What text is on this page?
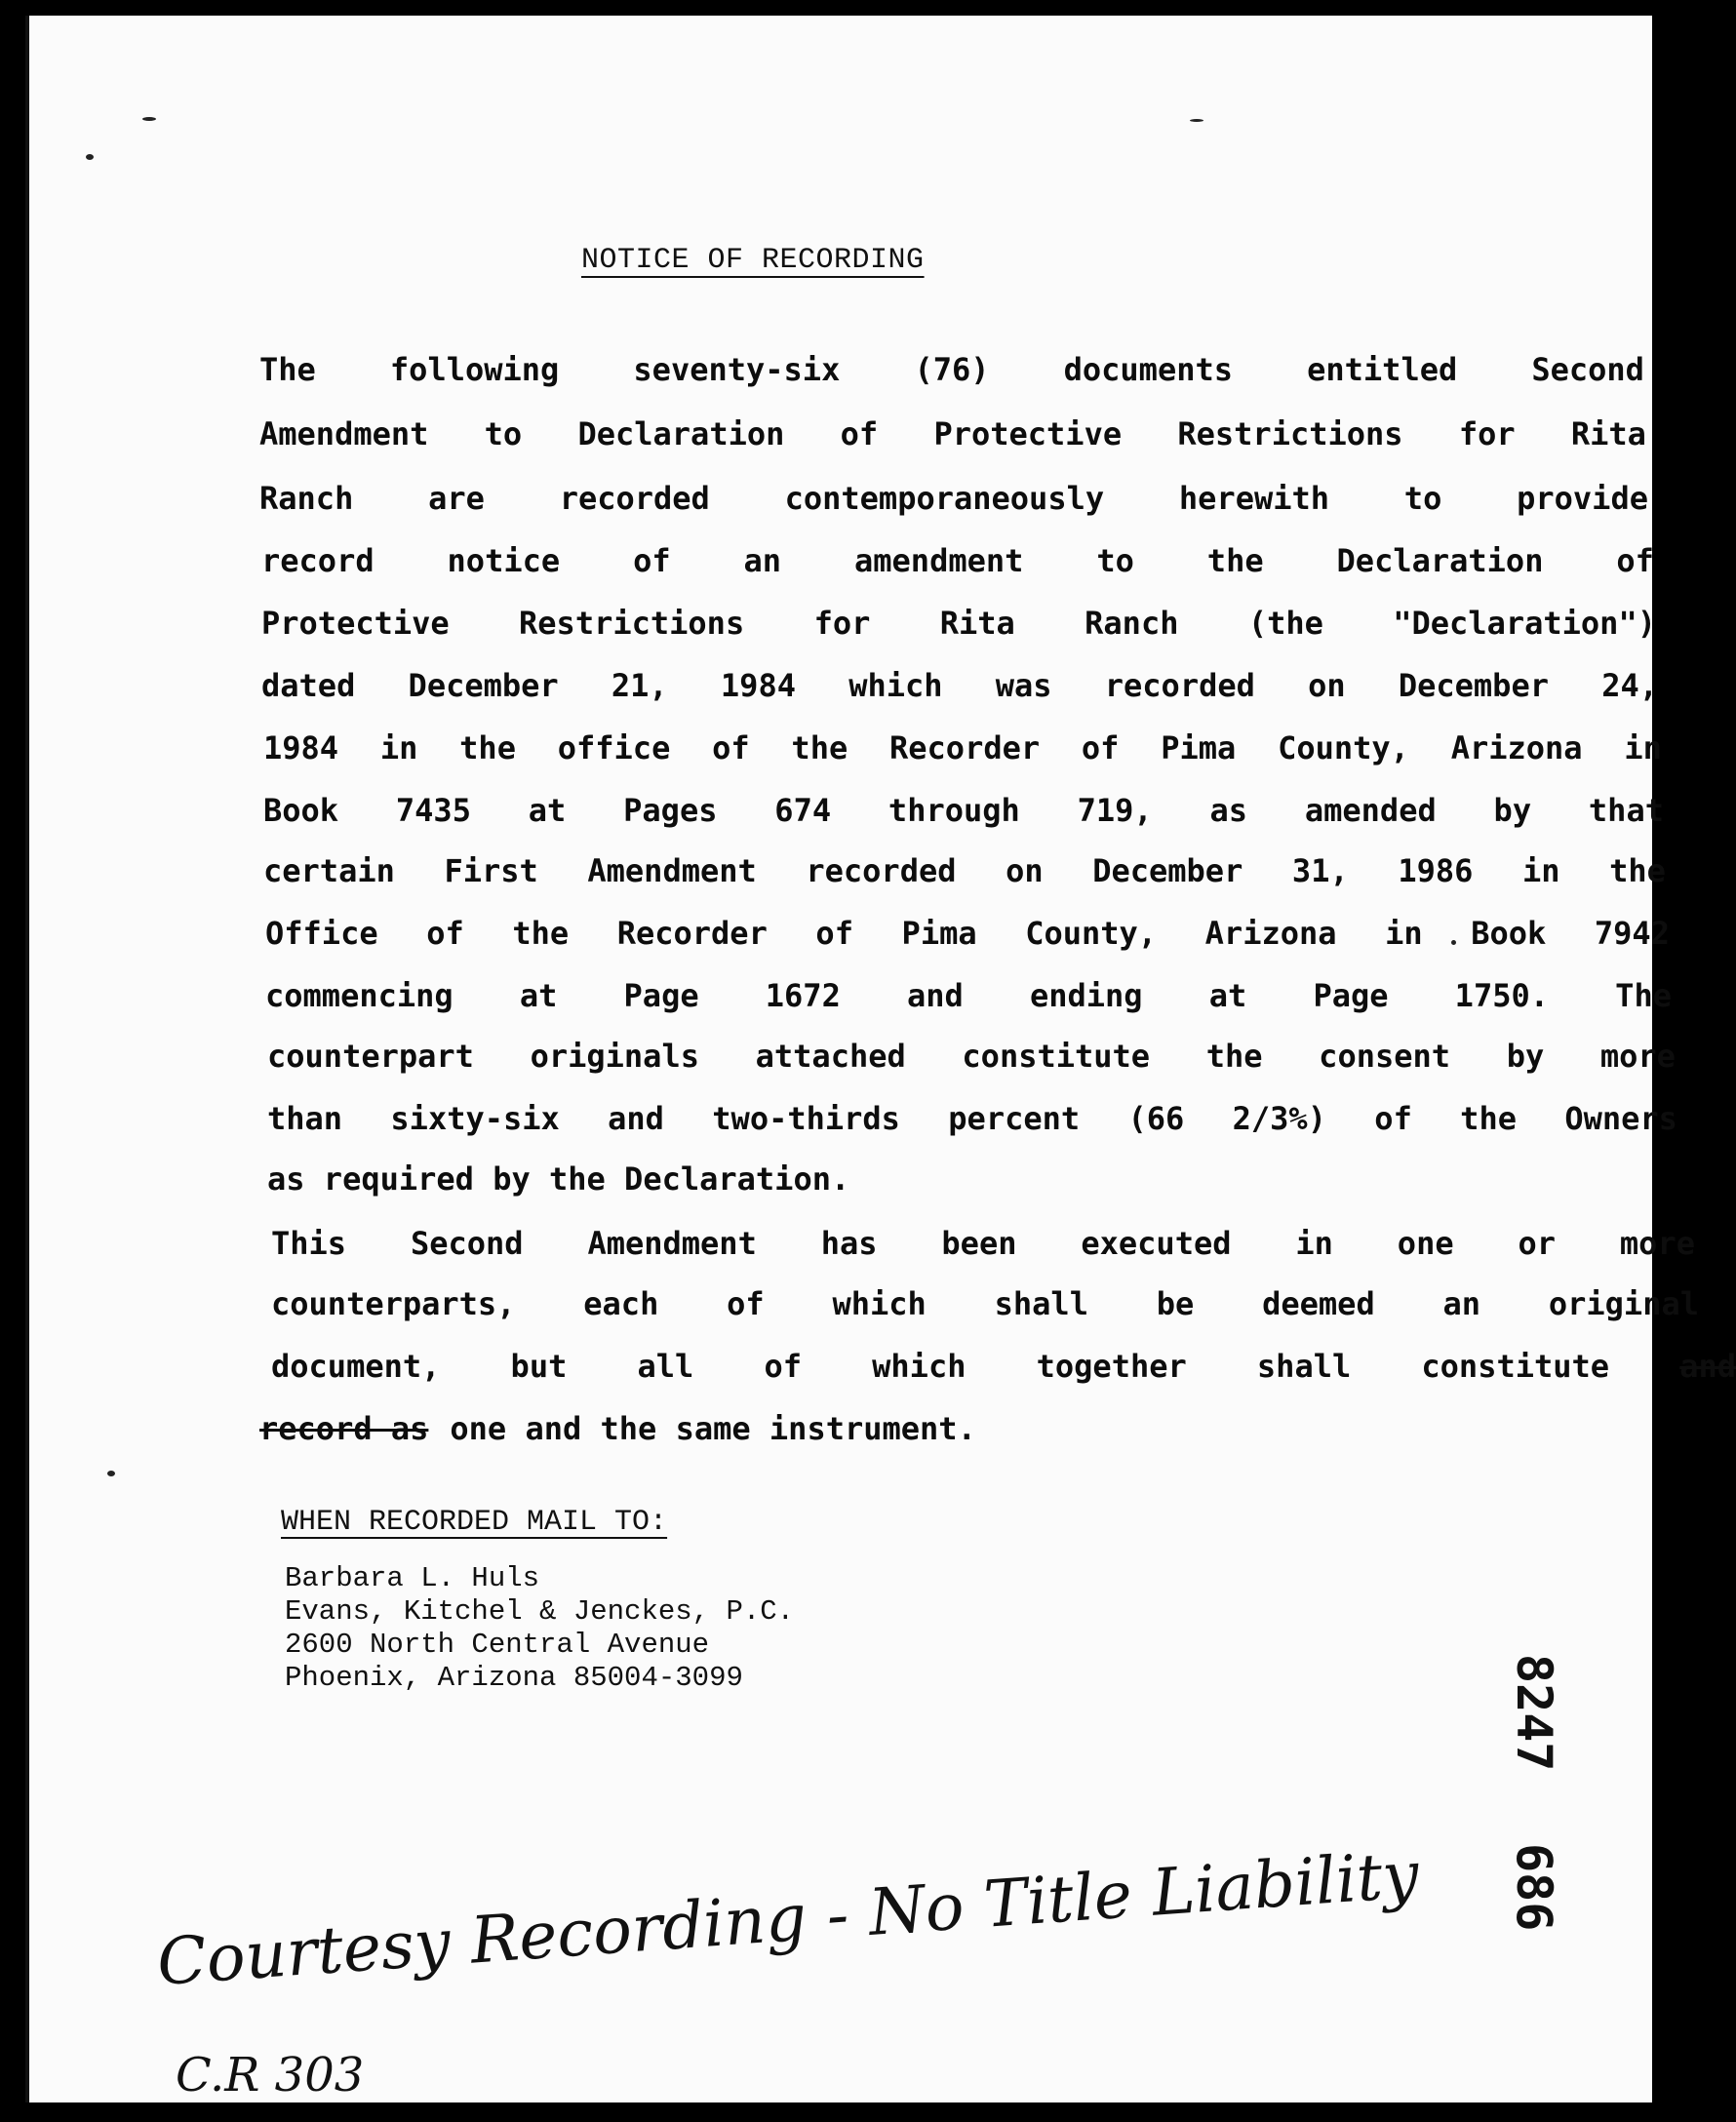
NOTICE OF RECORDING
The following seventy-six (76) documents entitled Second
Amendment to Declaration of Protective Restrictions for Rita
Ranch are recorded contemporaneously herewith to provide
record notice of an amendment to the Declaration of
Protective Restrictions for Rita Ranch (the "Declaration")
dated December 21, 1984 which was recorded on December 24,
1984 in the office of the Recorder of Pima County, Arizona in
Book 7435 at Pages 674 through 719, as amended by that
certain First Amendment recorded on December 31, 1986 in the
Office of the Recorder of Pima County, Arizona in Book 7942
commencing at Page 1672 and ending at Page 1750. The
counterpart originals attached constitute the consent by more
than sixty-six and two-thirds percent (66 2/3%) of the Owners
as required by the Declaration.
This Second Amendment has been executed in one or more
counterparts, each of which shall be deemed an original
document, but all of which together shall constitute and
record as one and the same instrument.
WHEN RECORDED MAIL TO:
Barbara L. Huls
Evans, Kitchel & Jenckes, P.C.
2600 North Central Avenue
Phoenix, Arizona 85004-3099	8247
686
Courtesy Recording - No Title Liability
C.R 303
